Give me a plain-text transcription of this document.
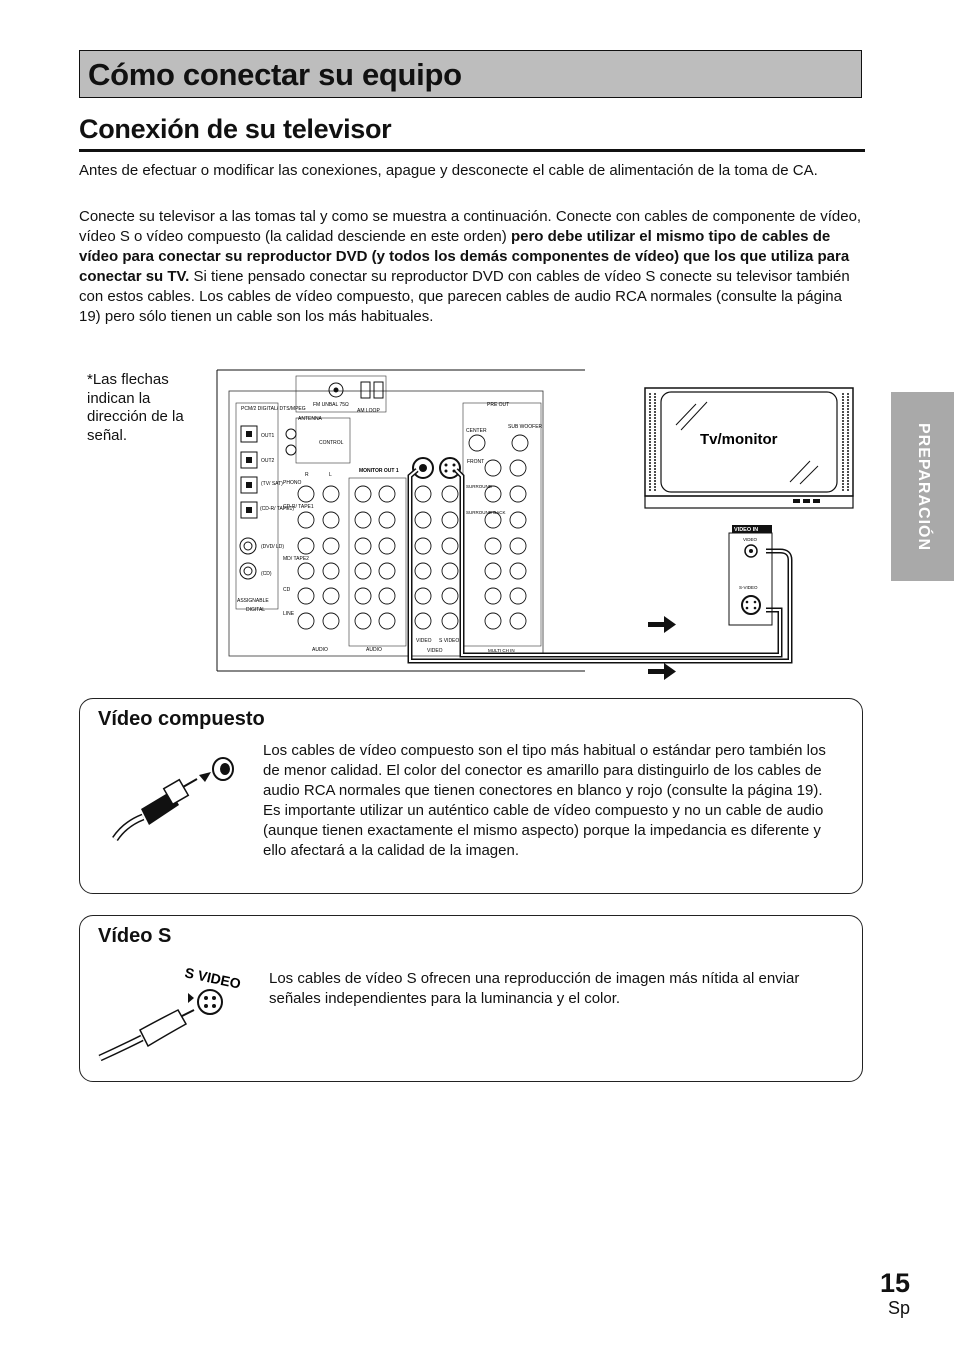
Cómo conectar su equipo
Conexión de su televisor

Antes de efectuar o modificar las conexiones, apague y desconecte el cable de alimentación de la toma de CA.

Conecte su televisor a las tomas tal y como se muestra a continuación. Conecte con cables de componente de vídeo, vídeo S o vídeo compuesto (la calidad desciende en este orden) pero debe utilizar el mismo tipo de cables de vídeo para conectar su reproductor DVD (y todos los demás componentes de vídeo) que los que utiliza para conectar su TV. Si tiene pensado conectar su reproductor DVD con cables de vídeo S conecte su televisor también con estos cables. Los cables de vídeo compuesto, que parecen cables de audio RCA normales (consulte la página 19) pero sólo tienen un cable son los más habituales.

PREPARACIÓN

*Las flechas indican la dirección de la señal.

FM UNBAL 75Ω
AM LOOP
ANTENNA
PCM/2 DIGITAL/ DTS/MPEG
OUT1
OUT2
(TV/ SAT)
(CD-R/ TAPE1)
(DVD/ LD)
(CD)
ASSIGNABLE
DIGITAL
CONTROL
PHONO
CD-R/ TAPE1
MD/ TAPE2
CD
LINE
R	L
MONITOR OUT 1
PRE OUT
CENTER
SUB WOOFER
FRONT
SURROUND
SURROUND BACK
AUDIO	AUDIO
VIDEO S VIDEO
VIDEO	MULTI CH IN
Tv/monitor
VIDEO IN
VIDEO
S-VIDEO
Vídeo compuesto

Los cables de vídeo compuesto son el tipo más habitual o estándar pero también los de menor calidad. El color del conector es amarillo para distinguirlo de los cables de audio RCA normales que tienen conectores en blanco y rojo (consulte la página 19). Es importante utilizar un auténtico cable de vídeo compuesto y no un cable de audio (aunque tienen exactamente el mismo aspecto) porque la impedancia es diferente y ello afectará a la calidad de la imagen.

Vídeo S
S VIDEO Los cables de vídeo S ofrecen una reproducción de imagen más nítida al enviar señales independientes para la luminancia y el color.

15

Sp
